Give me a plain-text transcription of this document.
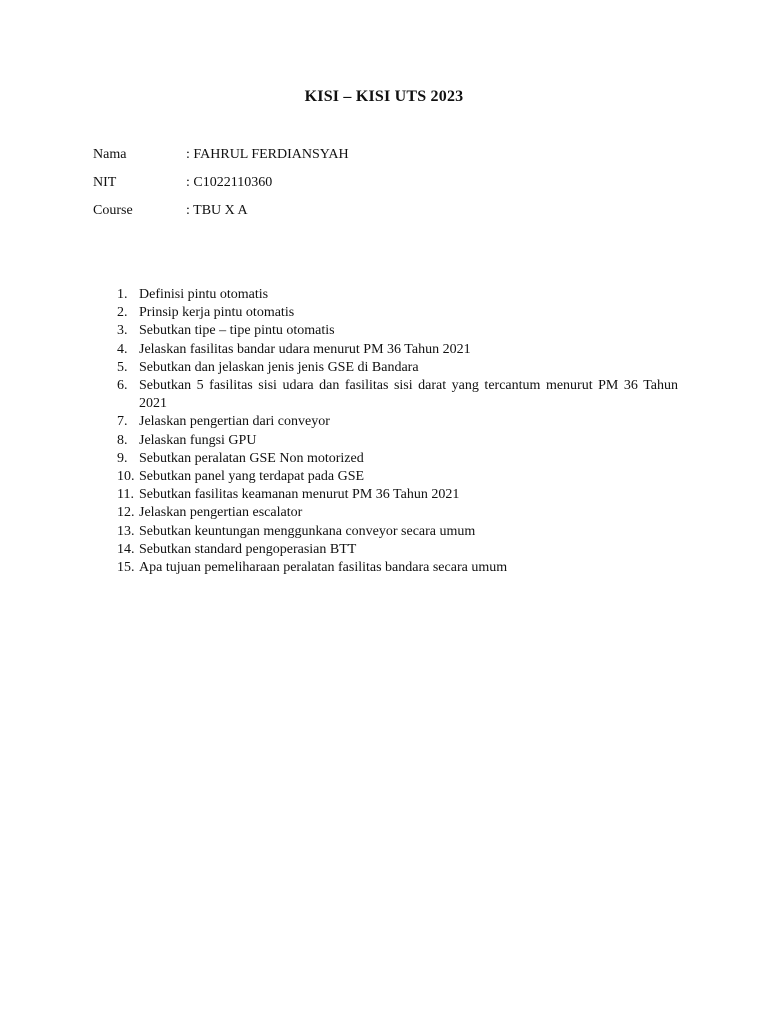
KISI – KISI UTS 2023
Nama	: FAHRUL FERDIANSYAH
NIT	: C1022110360
Course	: TBU X A
1. Definisi pintu otomatis
2. Prinsip kerja pintu otomatis
3. Sebutkan tipe – tipe pintu otomatis
4. Jelaskan fasilitas bandar udara menurut PM 36 Tahun 2021
5. Sebutkan dan jelaskan jenis jenis GSE di Bandara
6. Sebutkan 5 fasilitas sisi udara dan fasilitas sisi darat yang tercantum menurut PM 36 Tahun 2021
7. Jelaskan pengertian dari conveyor
8. Jelaskan fungsi GPU
9. Sebutkan peralatan GSE Non motorized
10. Sebutkan panel yang terdapat pada GSE
11. Sebutkan fasilitas keamanan menurut PM 36 Tahun 2021
12. Jelaskan pengertian escalator
13. Sebutkan keuntungan menggunkana conveyor secara umum
14. Sebutkan standard pengoperasian BTT
15. Apa tujuan pemeliharaan peralatan fasilitas bandara secara umum
